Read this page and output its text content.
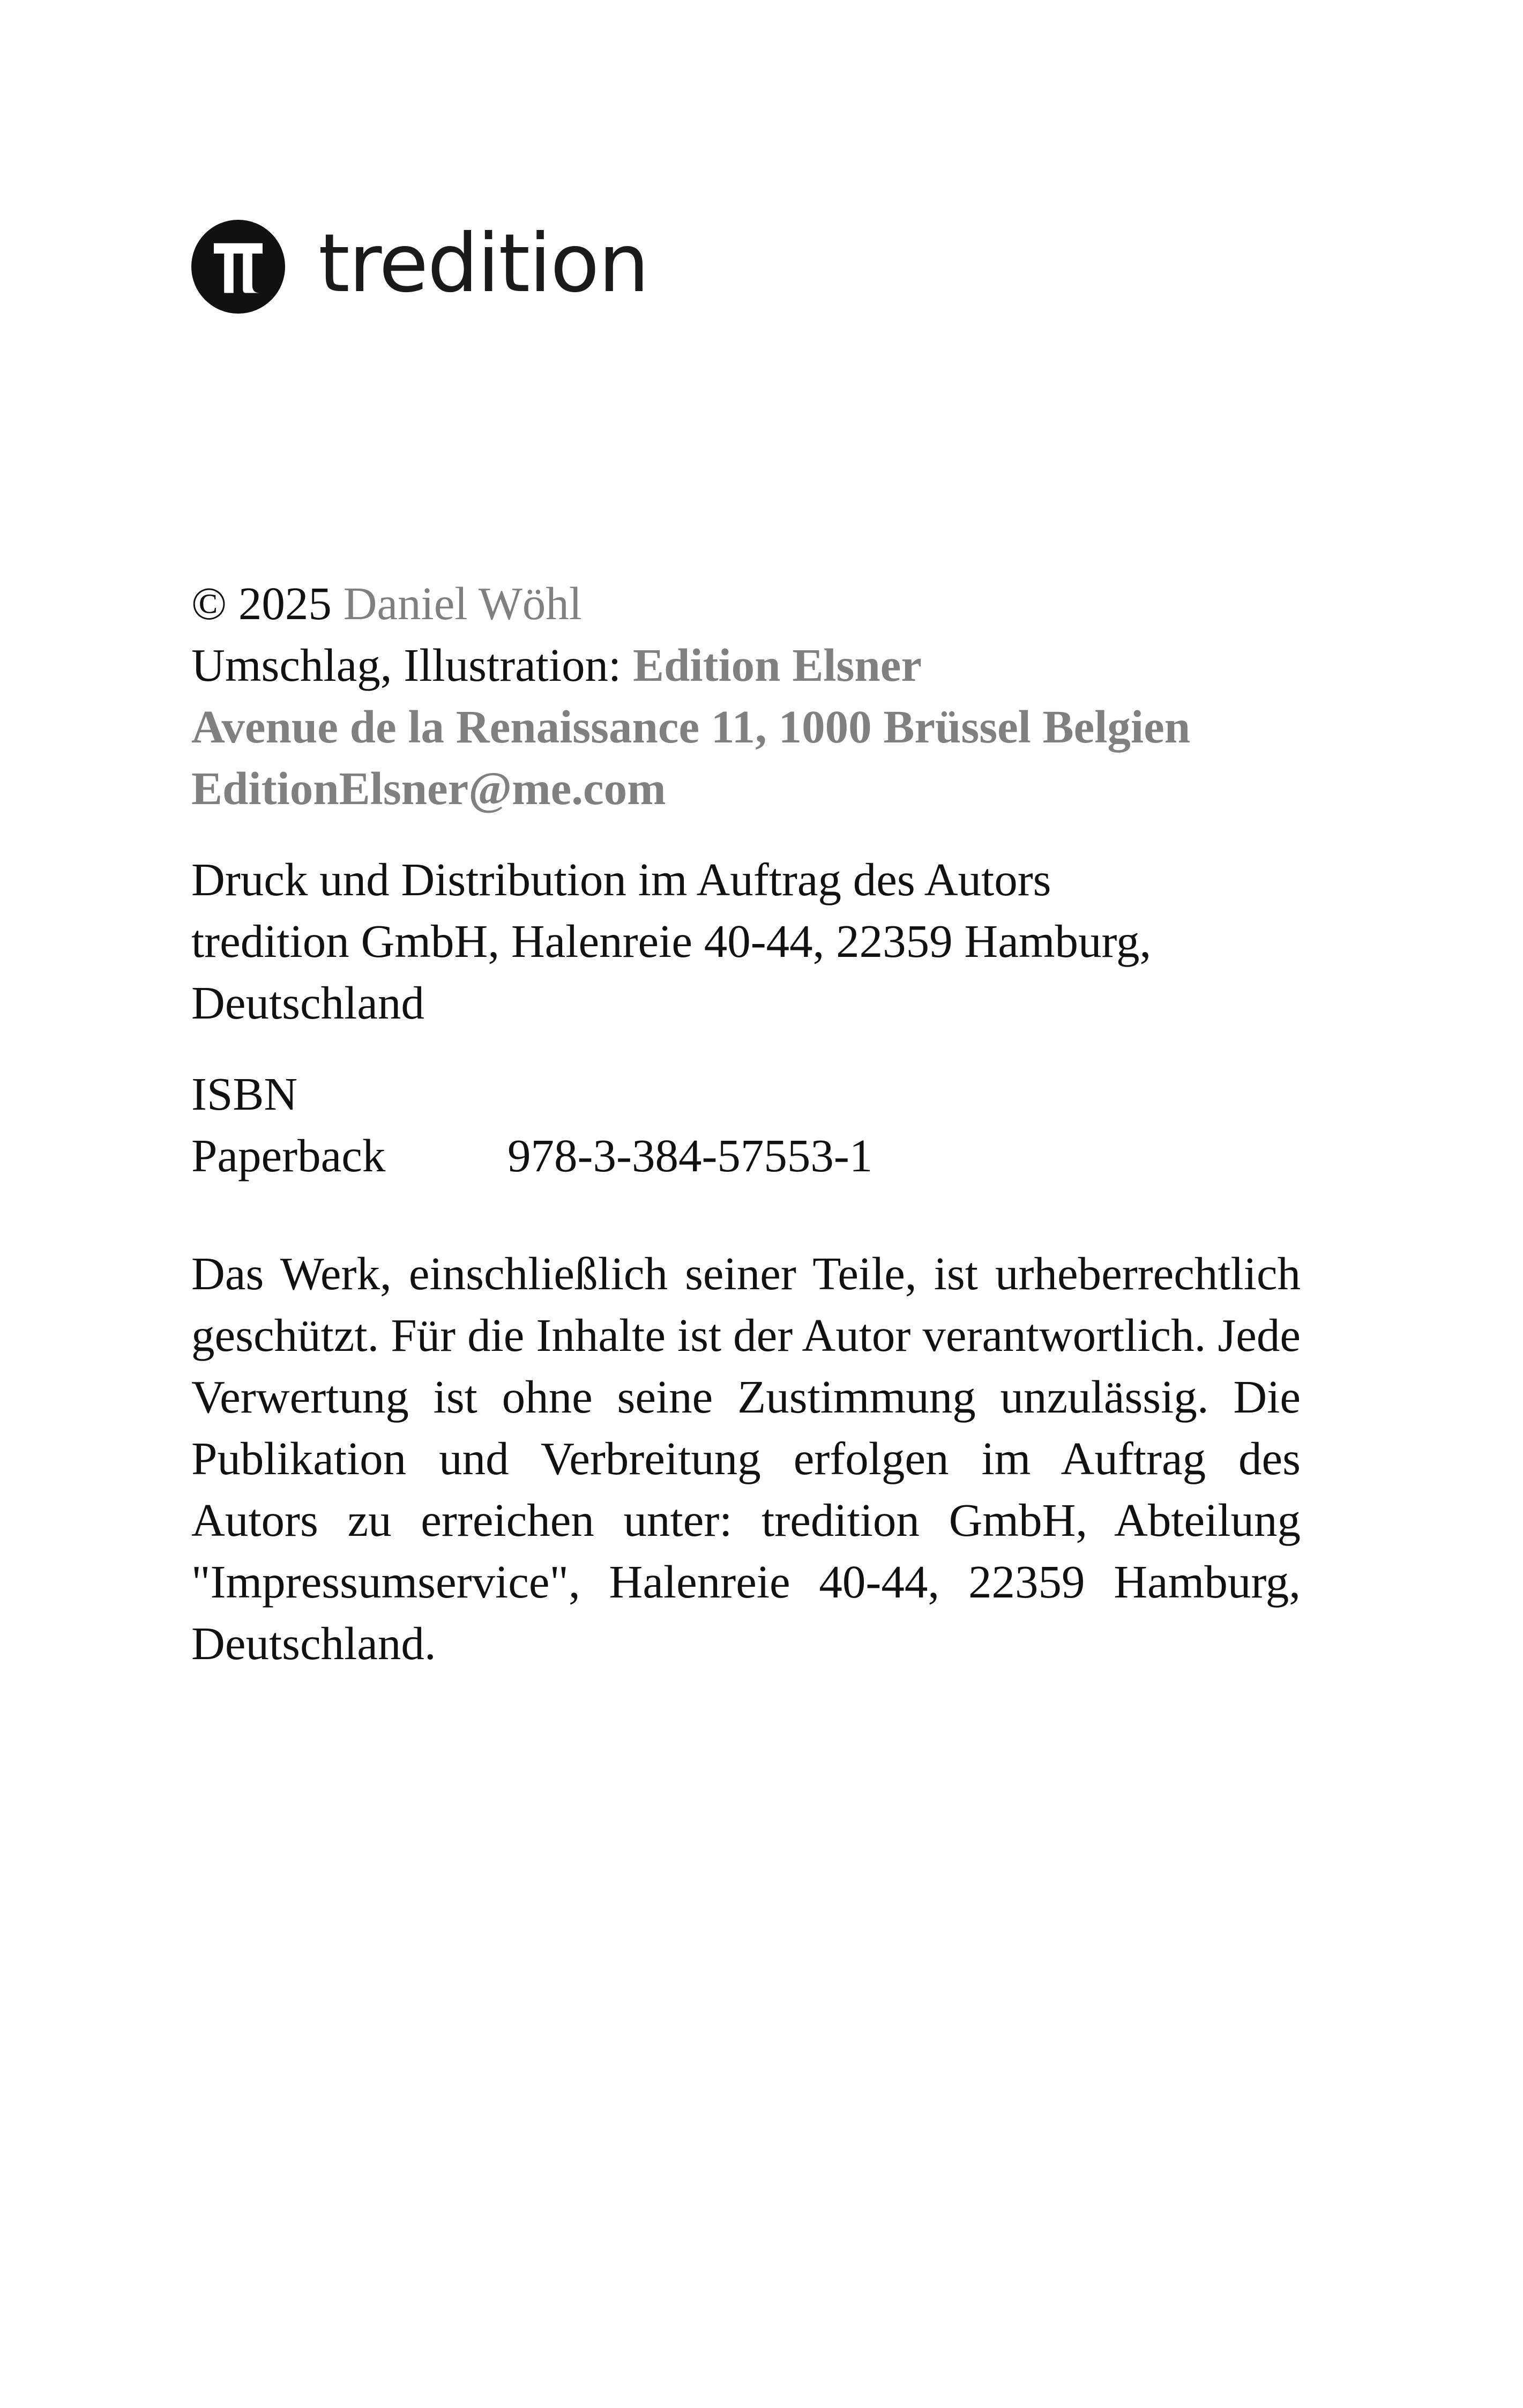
tredition
© 2025 Daniel Wöhl
Umschlag, Illustration: Edition Elsner
Avenue de la Renaissance 11, 1000 Brüssel Belgien
EditionElsner@me.com
Druck und Distribution im Auftrag des Autors
tredition GmbH, Halenreie 40-44, 22359 Hamburg,
Deutschland
ISBN
Paperback	978-3-384-57553-1

Das Werk, einschließlich seiner Teile, ist urheberrechtlich geschützt. Für die Inhalte ist der Autor verantwortlich. Jede Verwertung ist ohne seine Zustimmung unzulässig. Die Publikation und Verbreitung erfolgen im Auftrag des Autors zu erreichen unter: tredition GmbH, Abteilung "Impressumservice", Halenreie 40-44, 22359 Hamburg, Deutschland.
